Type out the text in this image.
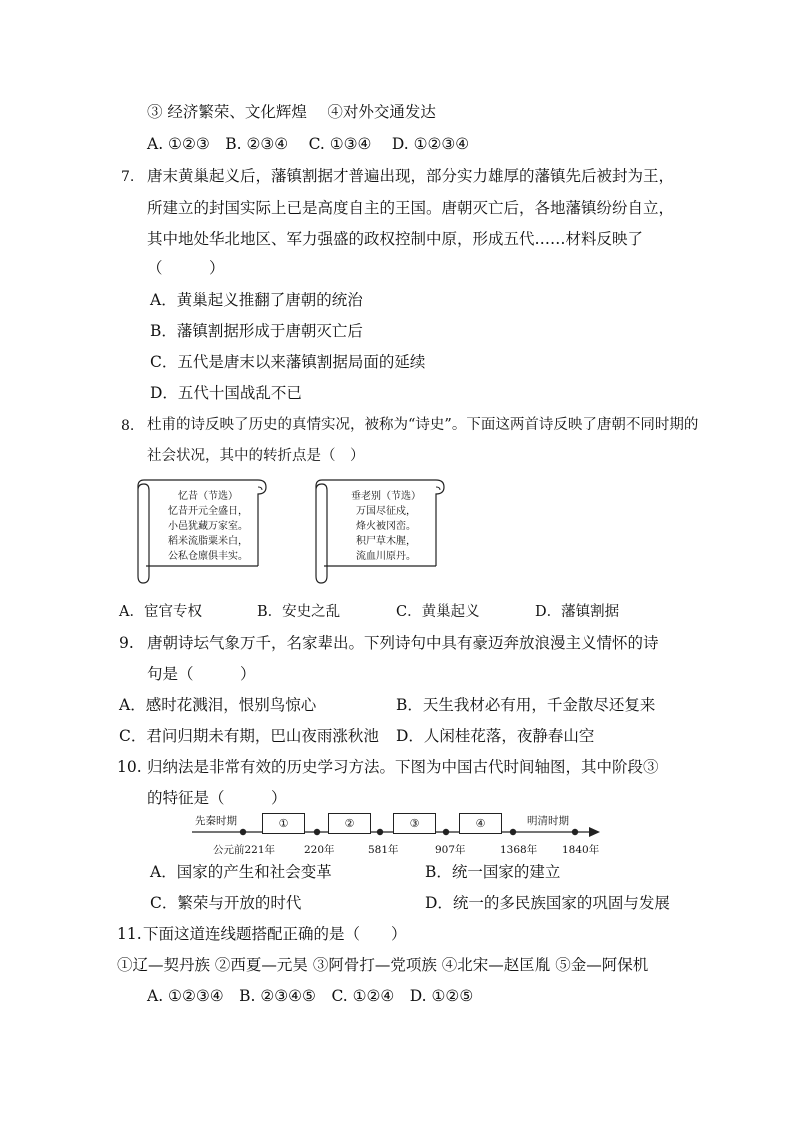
③ 经济繁荣、文化辉煌　 ④对外交通发达
A. ①②③　B. ②③④　 C. ①③④　 D. ①②③④
7. 唐末黄巢起义后，藩镇割据才普遍出现，部分实力雄厚的藩镇先后被封为王，
所建立的封国实际上已是高度自主的王国。唐朝灭亡后，各地藩镇纷纷自立，
其中地处华北地区、军力强盛的政权控制中原，形成五代……材料反映了
（　　　）
A．黄巢起义推翻了唐朝的统治
B．藩镇割据形成于唐朝灭亡后
C．五代是唐末以来藩镇割据局面的延续
D．五代十国战乱不已
8. 杜甫的诗反映了历史的真情实况，被称为“诗史”。下面这两首诗反映了唐朝不同时期的
社会状况，其中的转折点是（　）
忆昔（节选）
忆昔开元全盛日，
小邑犹藏万家室。
稻米流脂粟米白，
公私仓廪俱丰实。
垂老别（节选）
万国尽征戍，
烽火被冈峦。
积尸草木腥，
流血川原丹。
A．宦官专权	B．安史之乱	C．黄巢起义	D．藩镇割据
9. 唐朝诗坛气象万千，名家辈出。下列诗句中具有豪迈奔放浪漫主义情怀的诗
句是（　　　）
A．感时花溅泪，恨别鸟惊心	B．天生我材必有用，千金散尽还复来
C．君问归期未有期，巴山夜雨涨秋池 D．人闲桂花落，夜静春山空
10. 归纳法是非常有效的历史学习方法。下图为中国古代时间轴图，其中阶段③
的特征是（　　　）
先秦时期	明清时期
①	②	③	④
公元前221年	220年	581年	907年	1368年 1840年
A．国家的产生和社会变革	B．统一国家的建立
C．繁荣与开放的时代	D．统一的多民族国家的巩固与发展
11. 下面这道连线题搭配正确的是（　　）
①辽—契丹族 ②西夏—元昊 ③阿骨打—党项族 ④北宋—赵匡胤 ⑤金—阿保机
A. ①②③④　B. ②③④⑤　C. ①②④　D. ①②⑤
